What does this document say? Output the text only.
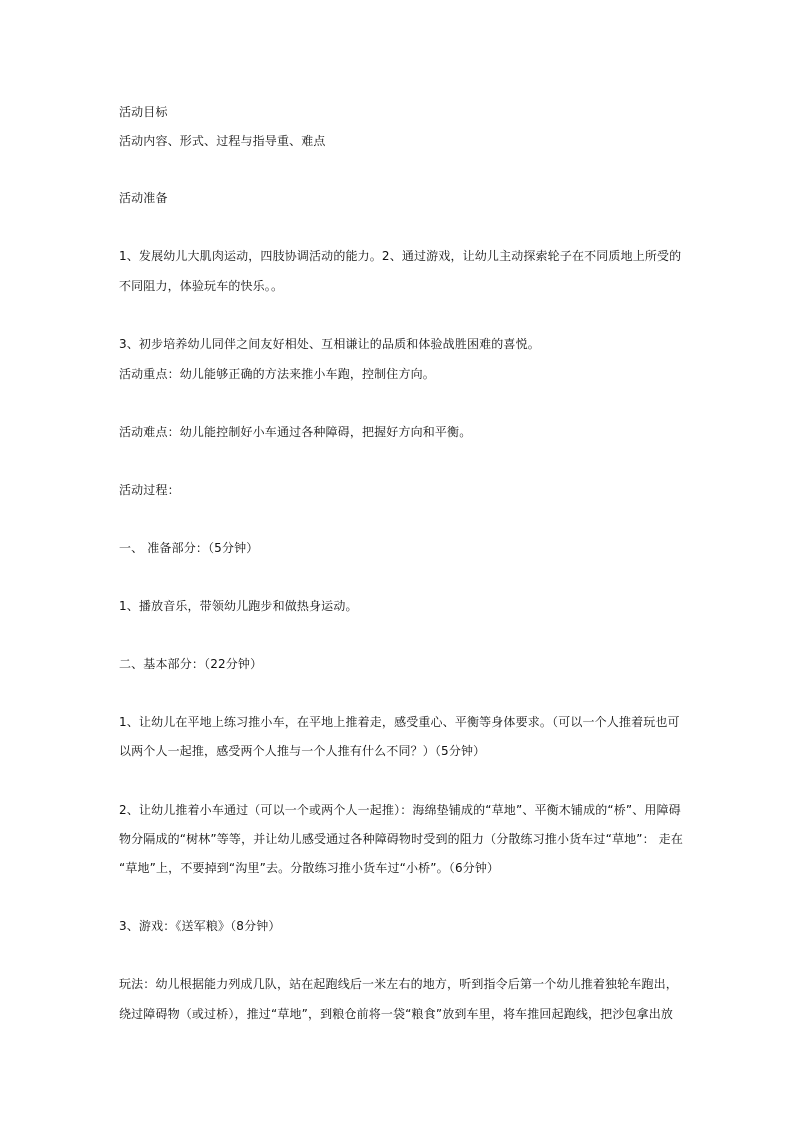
活动目标
活动内容、形式、过程与指导重、难点
活动准备
1、发展幼儿大肌肉运动，四肢协调活动的能力。2、通过游戏，让幼儿主动探索轮子在不同质地上所受的
不同阻力，体验玩车的快乐。。
3、初步培养幼儿同伴之间友好相处、互相谦让的品质和体验战胜困难的喜悦。
活动重点：幼儿能够正确的方法来推小车跑，控制住方向。
活动难点：幼儿能控制好小车通过各种障碍，把握好方向和平衡。
活动过程：
一、 准备部分：（5分钟）
1、播放音乐，带领幼儿跑步和做热身运动。
二、基本部分：（22分钟）
1、让幼儿在平地上练习推小车，在平地上推着走，感受重心、平衡等身体要求。（可以一个人推着玩也可
以两个人一起推，感受两个人推与一个人推有什么不同？）（5分钟）
2、让幼儿推着小车通过（可以一个或两个人一起推）：海绵垫铺成的“草地”、平衡木铺成的“桥”、用障碍
物分隔成的“树林”等等，并让幼儿感受通过各种障碍物时受到的阻力（分散练习推小货车过“草地”： 走在
“草地”上，不要掉到“沟里”去。分散练习推小货车过“小桥”。（6分钟）
3、游戏：《送军粮》（8分钟）
玩法：幼儿根据能力列成几队，站在起跑线后一米左右的地方，听到指令后第一个幼儿推着独轮车跑出，
绕过障碍物（或过桥），推过“草地”，到粮仓前将一袋“粮食”放到车里，将车推回起跑线，把沙包拿出放
